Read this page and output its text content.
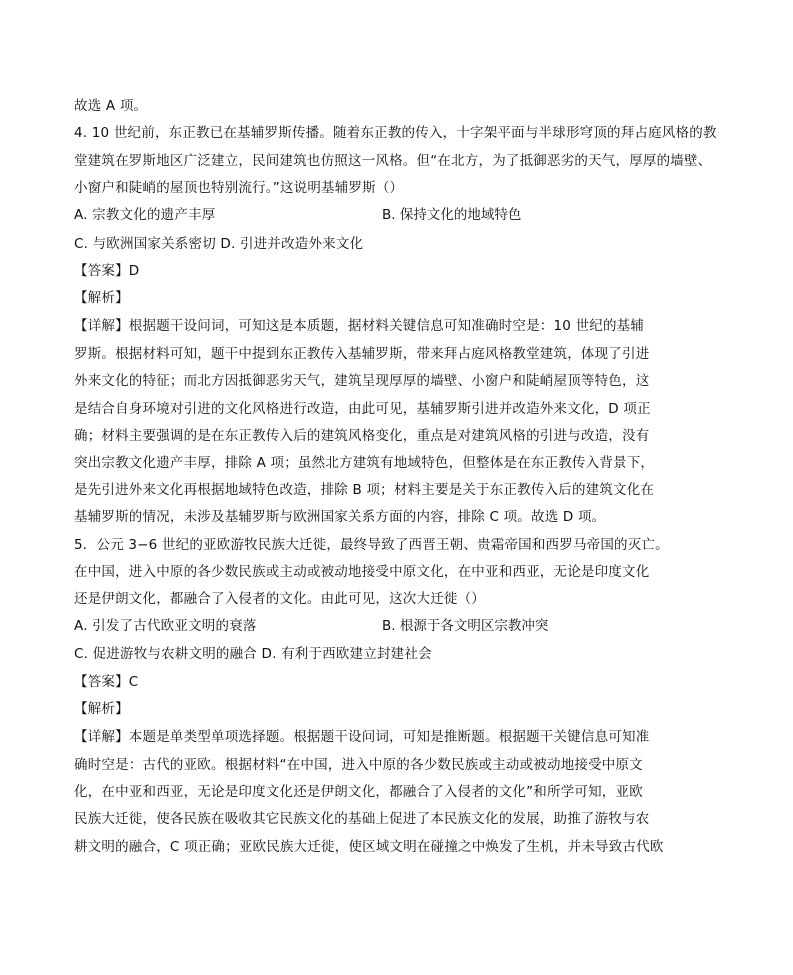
故选 A 项。
4. 10 世纪前，东正教已在基辅罗斯传播。随着东正教的传入，十字架平面与半球形穹顶的拜占庭风格的教
堂建筑在罗斯地区广泛建立，民间建筑也仿照这一风格。但“在北方，为了抵御恶劣的天气，厚厚的墙壁、
小窗户和陡峭的屋顶也特别流行。”这说明基辅罗斯（）
A. 宗教文化的遗产丰厚	B. 保持文化的地域特色
C. 与欧洲国家关系密切 D. 引进并改造外来文化
【答案】D
【解析】
【详解】根据题干设问词，可知这是本质题，据材料关键信息可知准确时空是：10 世纪的基辅
罗斯。根据材料可知，题干中提到东正教传入基辅罗斯，带来拜占庭风格教堂建筑，体现了引进
外来文化的特征；而北方因抵御恶劣天气，建筑呈现厚厚的墙壁、小窗户和陡峭屋顶等特色，这
是结合自身环境对引进的文化风格进行改造，由此可见，基辅罗斯引进并改造外来文化，D 项正
确；材料主要强调的是在东正教传入后的建筑风格变化，重点是对建筑风格的引进与改造，没有
突出宗教文化遗产丰厚，排除 A 项；虽然北方建筑有地域特色，但整体是在东正教传入背景下，
是先引进外来文化再根据地域特色改造，排除 B 项；材料主要是关于东正教传入后的建筑文化在
基辅罗斯的情况，未涉及基辅罗斯与欧洲国家关系方面的内容，排除 C 项。故选 D 项。
5．公元 3−6 世纪的亚欧游牧民族大迁徙，最终导致了西晋王朝、贵霜帝国和西罗马帝国的灭亡。
在中国，进入中原的各少数民族或主动或被动地接受中原文化，在中亚和西亚，无论是印度文化
还是伊朗文化，都融合了入侵者的文化。由此可见，这次大迁徙（）
A. 引发了古代欧亚文明的衰落	B. 根源于各文明区宗教冲突
C. 促进游牧与农耕文明的融合 D. 有利于西欧建立封建社会
【答案】C
【解析】
【详解】本题是单类型单项选择题。根据题干设问词，可知是推断题。根据题干关键信息可知准
确时空是：古代的亚欧。根据材料“在中国，进入中原的各少数民族或主动或被动地接受中原文
化，在中亚和西亚，无论是印度文化还是伊朗文化，都融合了入侵者的文化”和所学可知，亚欧
民族大迁徙，使各民族在吸收其它民族文化的基础上促进了本民族文化的发展，助推了游牧与农
耕文明的融合，C 项正确；亚欧民族大迁徙，使区域文明在碰撞之中焕发了生机，并未导致古代欧
